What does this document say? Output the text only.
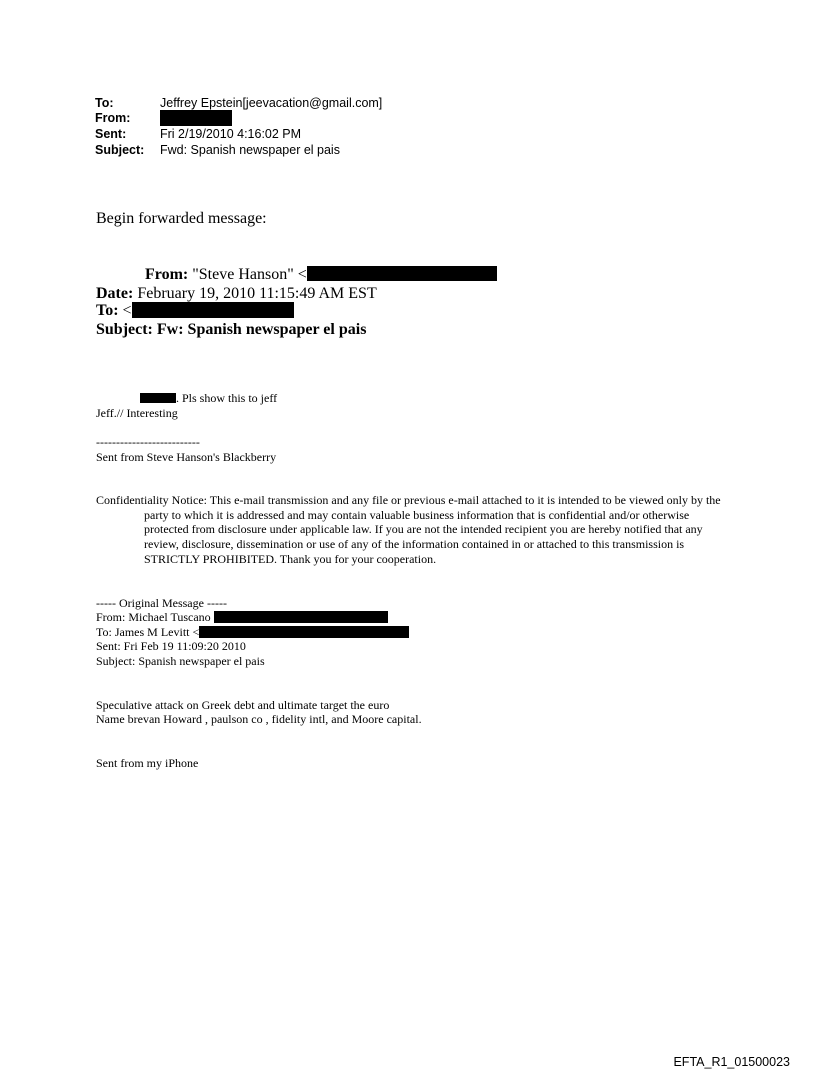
To:	Jeffrey Epstein[jeevacation@gmail.com]
From:
Sent:	Fri 2/19/2010 4:16:02 PM
Subject: Fwd: Spanish newspaper el pais
Begin forwarded message:
From: "Steve Hanson" <
Date: February 19, 2010 11:15:49 AM EST
To: <
Subject: Fw: Spanish newspaper el pais
. Pls show this to jeff
Jeff.// Interesting
--------------------------
Sent from Steve Hanson's Blackberry
Confidentiality Notice: This e-mail transmission and any file or previous e-mail attached to it is intended to be viewed only by the party to which it is addressed and may contain valuable business information that is confidential and/or otherwise protected from disclosure under applicable law. If you are not the intended recipient you are hereby notified that any review, disclosure, dissemination or use of any of the information contained in or attached to this transmission is STRICTLY PROHIBITED. Thank you for your cooperation.
----- Original Message -----
From: Michael Tuscano
To: James M Levitt <
Sent: Fri Feb 19 11:09:20 2010
Subject: Spanish newspaper el pais
Speculative attack on Greek debt and ultimate target the euro
Name brevan Howard , paulson co , fidelity intl, and Moore capital.
Sent from my iPhone
EFTA_R1_01500023
